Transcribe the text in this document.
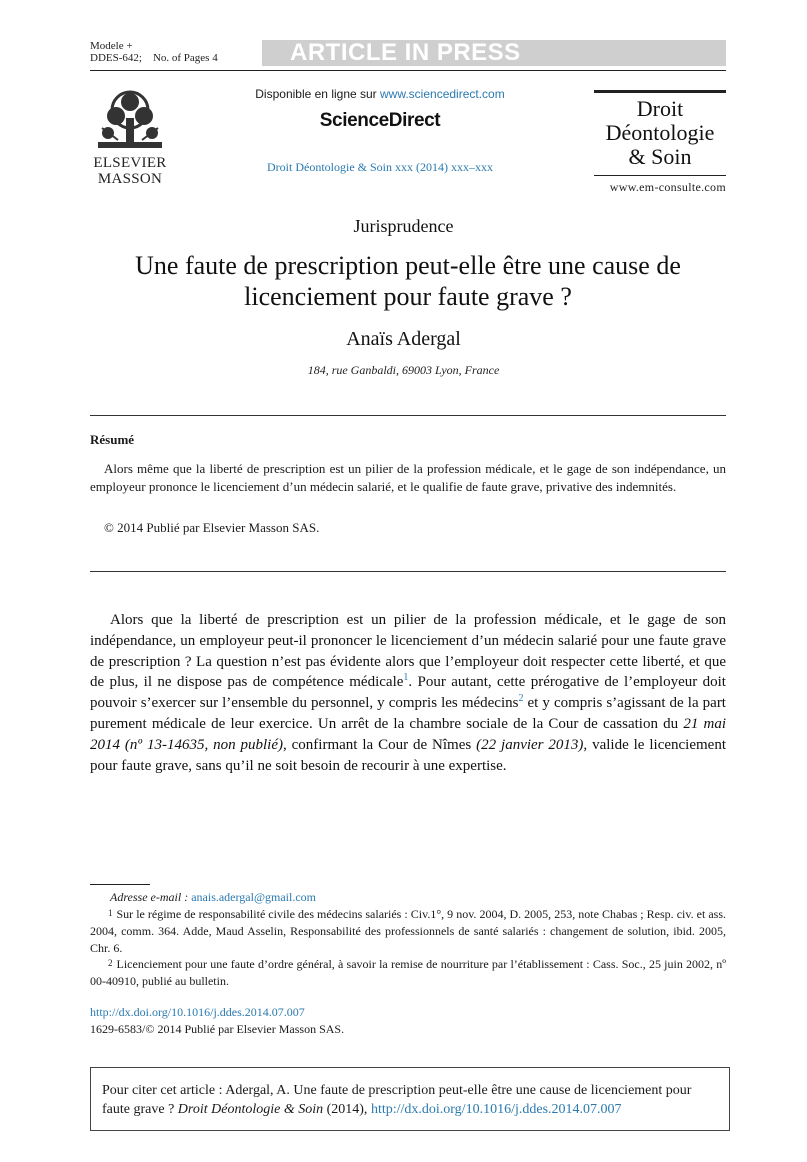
Modele +
DDES-642;    No. of Pages 4	ARTICLE IN PRESS
ELSEVIER
MASSON
Disponible en ligne sur www.sciencedirect.com
ScienceDirect
Droit Déontologie & Soin xxx (2014) xxx–xxx
Droit
Déontologie
& Soin
www.em-consulte.com
Jurisprudence
Une faute de prescription peut-elle être une cause de licenciement pour faute grave ?
Anaïs Adergal
184, rue Ganbaldi, 69003 Lyon, France
Résumé
Alors même que la liberté de prescription est un pilier de la profession médicale, et le gage de son indépendance, un employeur prononce le licenciement d’un médecin salarié, et le qualifie de faute grave, privative des indemnités.
© 2014 Publié par Elsevier Masson SAS.
Alors que la liberté de prescription est un pilier de la profession médicale, et le gage de son indépendance, un employeur peut-il prononcer le licenciement d’un médecin salarié pour une faute grave de prescription ? La question n’est pas évidente alors que l’employeur doit respecter cette liberté, et que de plus, il ne dispose pas de compétence médicale$^1$. Pour autant, cette prérogative de l’employeur doit pouvoir s’exercer sur l’ensemble du personnel, y compris les médecins$^2$ et y compris s’agissant de la part purement médicale de leur exercice. Un arrêt de la chambre sociale de la Cour de cassation du 21 mai 2014 (nº 13-14635, non publié), confirmant la Cour de Nîmes (22 janvier 2013), valide le licenciement pour faute grave, sans qu’il ne soit besoin de recourir à une expertise.
Adresse e-mail : anais.adergal@gmail.com
$^1$ Sur le régime de responsabilité civile des médecins salariés : Civ.1°, 9 nov. 2004, D. 2005, 253, note Chabas ; Resp. civ. et ass. 2004, comm. 364. Adde, Maud Asselin, Responsabilité des professionnels de santé salariés : changement de solution, ibid. 2005, Chr. 6.
$^2$ Licenciement pour une faute d’ordre général, à savoir la remise de nourriture par l’établissement : Cass. Soc., 25 juin 2002, nº 00-40910, publié au bulletin.
http://dx.doi.org/10.1016/j.ddes.2014.07.007
1629-6583/© 2014 Publié par Elsevier Masson SAS.
Pour citer cet article : Adergal, A. Une faute de prescription peut-elle être une cause de licenciement pour faute grave ? Droit Déontologie & Soin (2014), http://dx.doi.org/10.1016/j.ddes.2014.07.007
